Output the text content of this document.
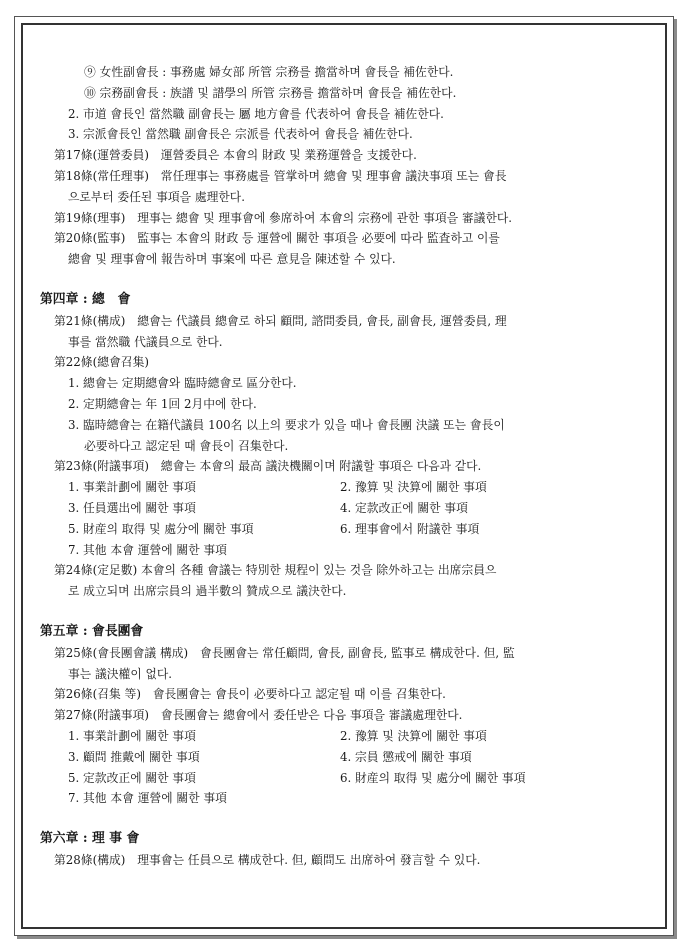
⑨ 女性副會長 : 事務處 婦女部 所管 宗務를 擔當하며 會長을 補佐한다.
⑩ 宗務副會長 : 族譜 및 譜學의 所管 宗務를 擔當하며 會長을 補佐한다.
2. 市道 會長인 當然職 副會長는 屬 地方會를 代表하여 會長을 補佐한다.
3. 宗派會長인 當然職 副會長은 宗派를 代表하여 會長을 補佐한다.
第17條(運營委員)　運營委員은 本會의 財政 및 業務運營을 支援한다.
第18條(常任理事)　常任理事는 事務處를 管掌하며 總會 및 理事會 議決事項 또는 會長
으로부터 委任된 事項을 處理한다.
第19條(理事)　理事는 總會 및 理事會에 參席하여 本會의 宗務에 관한 事項을 審議한다.
第20條(監事)　監事는 本會의 財政 등 運營에 關한 事項을 必要에 따라 監査하고 이를
總會 및 理事會에 報告하며 事案에 따른 意見을 陳述할 수 있다.
第四章 : 總　會
第21條(構成)　總會는 代議員 總會로 하되 顧問, 諮問委員, 會長, 副會長, 運營委員, 理
事를 當然職 代議員으로 한다.
第22條(總會召集)
1. 總會는 定期總會와 臨時總會로 區分한다.
2. 定期總會는 年 1回 2月中에 한다.
3. 臨時總會는 在籍代議員 100名 以上의 要求가 있을 때나 會長團 決議 또는 會長이
必要하다고 認定된 때 會長이 召集한다.
第23條(附議事項)　總會는 本會의 最高 議決機關이며 附議할 事項은 다음과 같다.
1. 事業計劃에 關한 事項	2. 豫算 및 決算에 關한 事項
3. 任員選出에 關한 事項	4. 定款改正에 關한 事項
5. 財産의 取得 및 處分에 關한 事項	6. 理事會에서 附議한 事項
7. 其他 本會 運營에 關한 事項
第24條(定足數) 本會의 各種 會議는 特別한 規程이 있는 것을 除外하고는 出席宗員으
로 成立되며 出席宗員의 過半數의 贊成으로 議決한다.
第五章 : 會長團會
第25條(會長團會議 構成)　會長團會는 常任顧問, 會長, 副會長, 監事로 構成한다. 但, 監
事는 議決權이 없다.
第26條(召集 等)　會長團會는 會長이 必要하다고 認定될 때 이를 召集한다.
第27條(附議事項)　會長團會는 總會에서 委任받은 다음 事項을 審議處理한다.
1. 事業計劃에 關한 事項	2. 豫算 및 決算에 關한 事項
3. 顧問 推戴에 關한 事項	4. 宗員 懲戒에 關한 事項
5. 定款改正에 關한 事項	6. 財産의 取得 및 處分에 關한 事項
7. 其他 本會 運營에 關한 事項
第六章 : 理 事 會
第28條(構成)　理事會는 任員으로 構成한다. 但, 顧問도 出席하여 發言할 수 있다.
